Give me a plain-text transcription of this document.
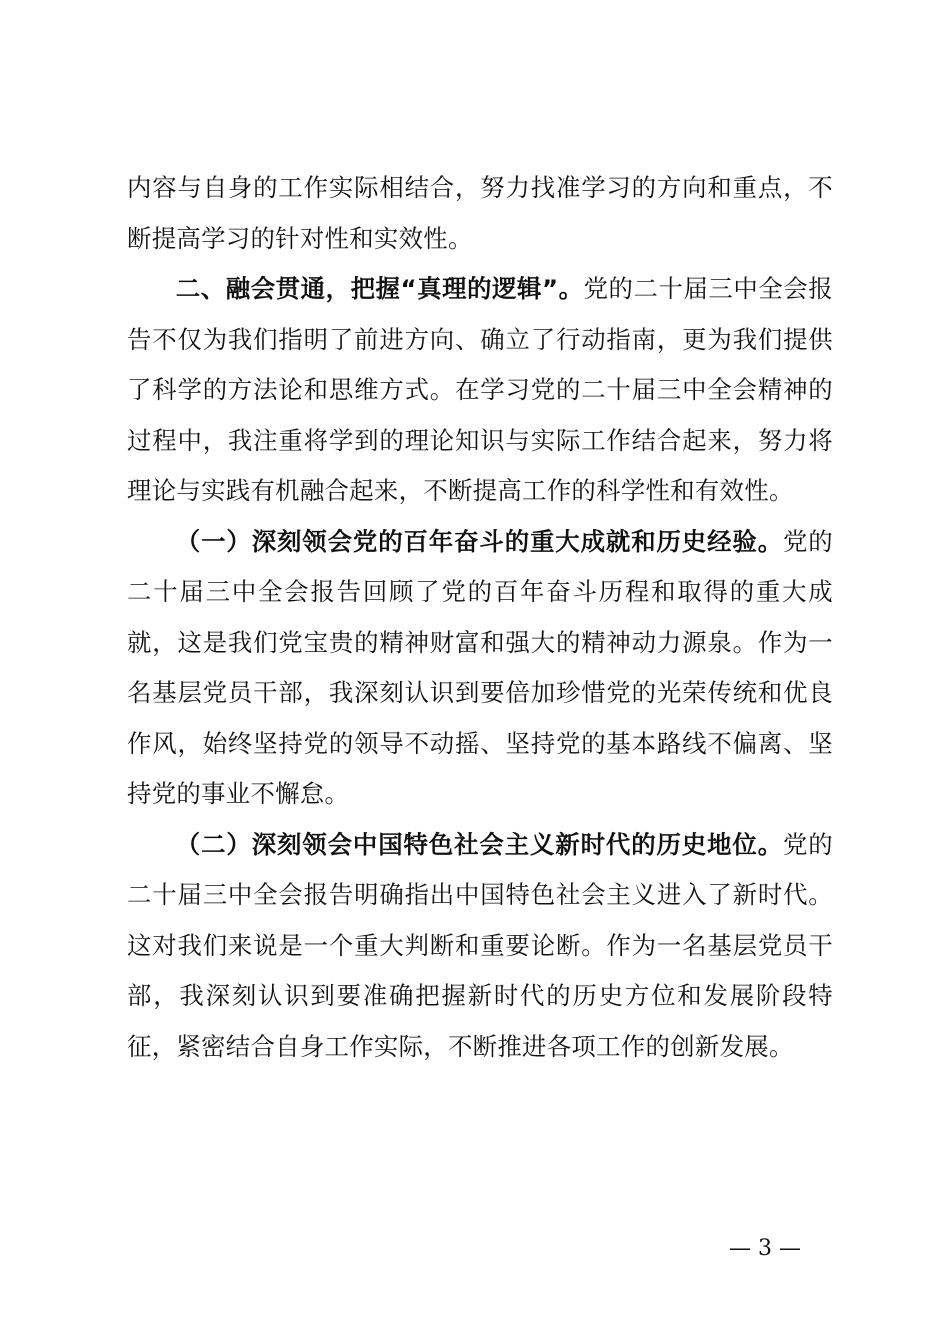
内容与自身的工作实际相结合，努力找准学习的方向和重点，不断提高学习的针对性和实效性。

二、融会贯通，把握“真理的逻辑”。党的二十届三中全会报告不仅为我们指明了前进方向、确立了行动指南，更为我们提供了科学的方法论和思维方式。在学习党的二十届三中全会精神的过程中，我注重将学到的理论知识与实际工作结合起来，努力将理论与实践有机融合起来，不断提高工作的科学性和有效性。

（一）深刻领会党的百年奋斗的重大成就和历史经验。党的二十届三中全会报告回顾了党的百年奋斗历程和取得的重大成就，这是我们党宝贵的精神财富和强大的精神动力源泉。作为一名基层党员干部，我深刻认识到要倍加珍惜党的光荣传统和优良作风，始终坚持党的领导不动摇、坚持党的基本路线不偏离、坚持党的事业不懈怠。

（二）深刻领会中国特色社会主义新时代的历史地位。党的二十届三中全会报告明确指出中国特色社会主义进入了新时代。这对我们来说是一个重大判断和重要论断。作为一名基层党员干部，我深刻认识到要准确把握新时代的历史方位和发展阶段特征，紧密结合自身工作实际，不断推进各项工作的创新发展。

— 3 —
